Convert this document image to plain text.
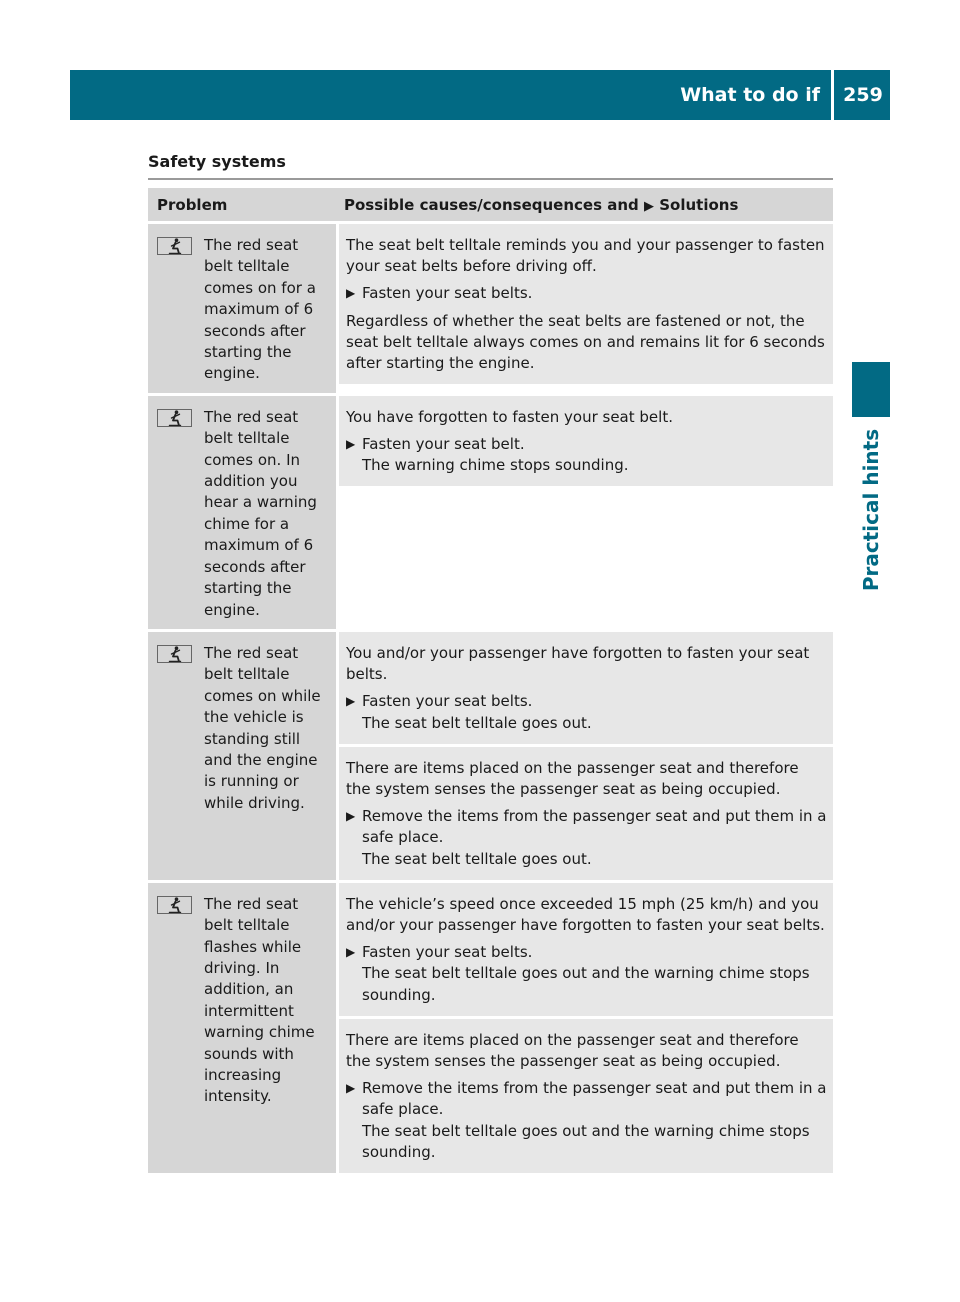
What to do if ...
259
Practical hints
Safety systems
Problem	Possible causes/consequences and ▶ Solutions
The red seat belt telltale comes on for a maximum of 6 seconds after starting the engine.

The seat belt telltale reminds you and your passenger to fasten your seat belts before driving off.

▶ Fasten your seat belts.

Regardless of whether the seat belts are fastened or not, the seat belt telltale always comes on and remains lit for 6 seconds after starting the engine.

The red seat belt telltale comes on. In addition you hear a warning chime for a maximum of 6 seconds after starting the engine.

You have forgotten to fasten your seat belt.

▶ Fasten your seat belt.
The warning chime stops sounding.
The red seat belt telltale comes on while the vehicle is standing still and the engine is running or while driving.

You and/or your passenger have forgotten to fasten your seat belts.

▶ Fasten your seat belts.
The seat belt telltale goes out.

There are items placed on the passenger seat and therefore the system senses the passenger seat as being occupied.

▶ Remove the items from the passenger seat and put them in a safe place.
The seat belt telltale goes out.
The red seat belt telltale flashes while driving. In addition, an intermittent warning chime sounds with increasing intensity.

The vehicle’s speed once exceeded 15 mph (25 km/h) and you and/or your passenger have forgotten to fasten your seat belts.

▶ Fasten your seat belts.
The seat belt telltale goes out and the warning chime stops sounding.

There are items placed on the passenger seat and therefore the system senses the passenger seat as being occupied.

▶ Remove the items from the passenger seat and put them in a safe place.
The seat belt telltale goes out and the warning chime stops sounding.
